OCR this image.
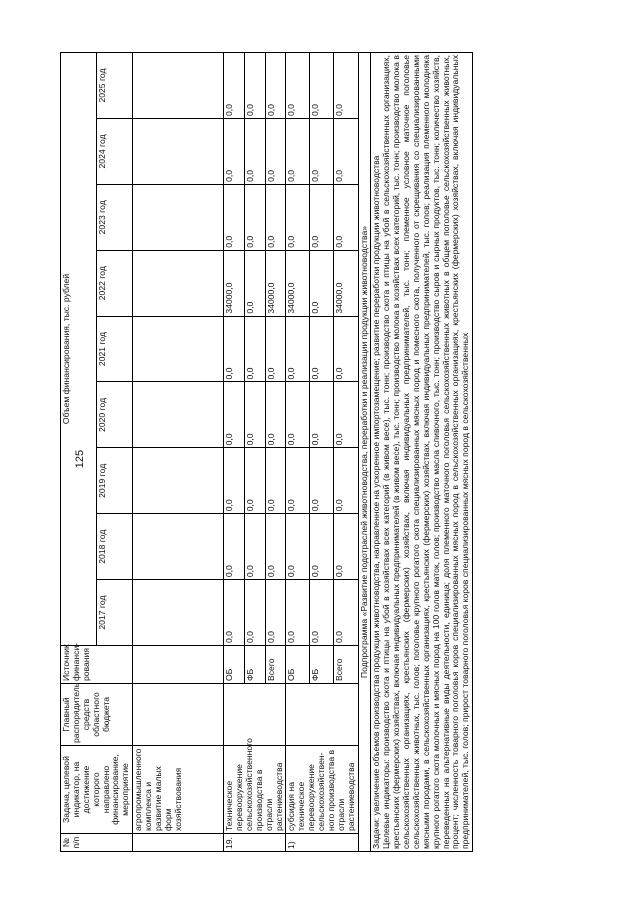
125
№ п/п	Задача, целевой индикатор, на достижение которого направлено финансирование, мероприятие	Главный распорядитель средств областного бюджета	Источник финанси-рования	Объем финансирования, тыс. рублей								
				2017 год	2018 год	2019 год	2020 год	2021 год	2022 год	2023 год	2024 год	2025 год
	агропромышленного комплекса и развитие малых форм хозяйствования											
19.	Техническое перевооружение сельскохозяйственного производства в отрасли растениеводства		ОБ	0,0	0,0	0,0	0,0	0,0	34000,0	0,0	0,0	0,0
			ФБ	0,0	0,0	0,0	0,0	0,0	0,0	0,0	0,0	0,0
			Всего	0,0	0,0	0,0	0,0	0,0	34000,0	0,0	0,0	0,0
1)	субсидия на техническое перевооружение сельскохозяйствен-ного производства в отрасли растениеводства		ОБ	0,0	0,0	0,0	0,0	0,0	34000,0	0,0	0,0	0,0
			ФБ	0,0	0,0	0,0	0,0	0,0	0,0	0,0	0,0	0,0
			Всего	0,0	0,0	0,0	0,0	0,0	34000,0	0,0	0,0	0,0
Подпрограмма «Развитие подотраслей животноводства, переработки и реализации продукции животноводства»												

Задачи: увеличение объемов производства продукции животноводства, направленное на ускоренное импортозамещение; развитие переработки продукции животноводства Целевые индикаторы: производство скота и птицы на убой в хозяйствах всех категорий (в живом весе), тыс. тонн; производство скота и птицы на убой в сельскохозяйственных организациях, крестьянских (фермерских) хозяйствах, включая индивидуальных предпринимателей (в живом весе), тыс. тонн; производство молока в хозяйствах всех категорий, тыс. тонн; производство молока в сельскохозяйственных организациях, крестьянских (фермерских) хозяйствах, включая индивидуальных предпринимателей, тыс. тонн; племенное условное маточное поголовье сельскохозяйственных животных, тыс. голов; поголовье крупного рогатого скота специализированных мясных пород и помесного скота, полученного от скрещивания со специализированными мясными породами, в сельскохозяйственных организациях, крестьянских (фермерских) хозяйствах, включая индивидуальных предпринимателей, тыс. голов; реализация племенного молодняка крупного рогатого скота молочных и мясных пород на 100 голов маток, голов; производство масла сливочного, тыс. тонн; производство сыров и сырных продуктов, тыс. тонн; количество хозяйств, переведенных на альтернативные виды деятельности, единица; доля племенного маточного поголовья сельскохозяйственных животных в общем поголовье сельскохозяйственных животных, процент; численность товарного поголовья коров специализированных мясных пород в сельскохозяйственных организациях, крестьянских (фермерских) хозяйствах, включая индивидуальных предпринимателей, тыс. голов; прирост товарного поголовья коров специализированных мясных пород в сельскохозяйственных												
